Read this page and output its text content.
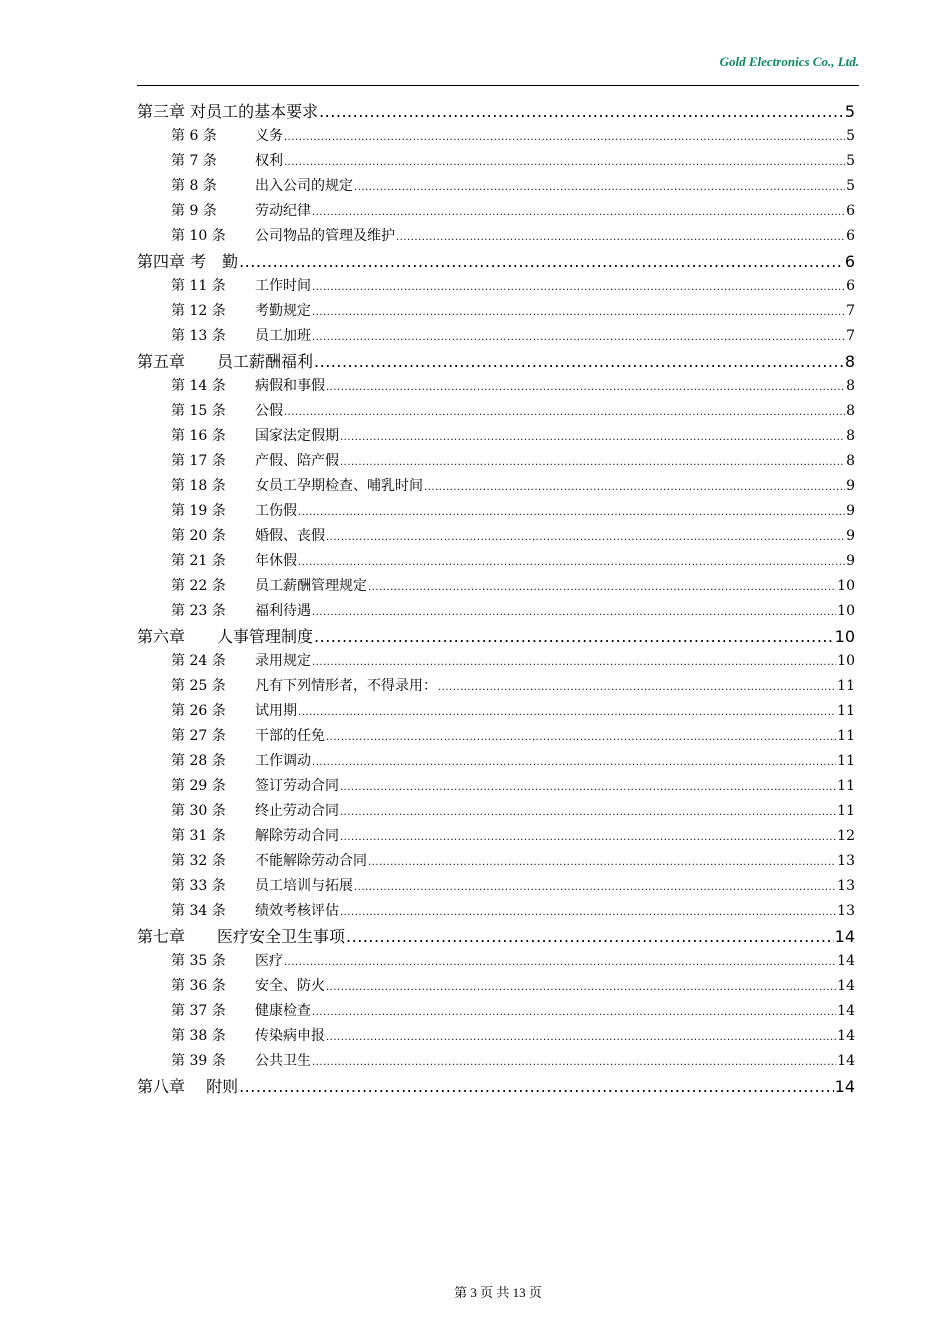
Gold Electronics Co., Ltd.
第三章 对员工的基本要求 .....	5
第 6 条	义务 .....	5
第 7 条	权利 .....	5
第 8 条	出入公司的规定 .....	5
第 9 条	劳动纪律 .....	6
第 10 条	公司物品的管理及维护 .....	6
第四章 考　勤 .....	6
第 11 条	工作时间 .....	6
第 12 条	考勤规定 .....	7
第 13 条	员工加班 .....	7
第五章　　员工薪酬福利 .....	8
第 14 条	病假和事假 .....	8
第 15 条	公假 .....	8
第 16 条	国家法定假期 .....	8
第 17 条	产假、陪产假 .....	8
第 18 条	女员工孕期检查、哺乳时间 .....	9
第 19 条	工伤假 .....	9
第 20 条	婚假、丧假 .....	9
第 21 条	年休假 .....	9
第 22 条	员工薪酬管理规定 .....	10
第 23 条	福利待遇 .....	10
第六章　　人事管理制度 .....	10
第 24 条	录用规定 .....	10
第 25 条	凡有下列情形者，不得录用： .....	11
第 26 条	试用期 .....	11
第 27 条	干部的任免 .....	11
第 28 条	工作调动 .....	11
第 29 条	签订劳动合同 .....	11
第 30 条	终止劳动合同 .....	11
第 31 条	解除劳动合同 .....	12
第 32 条	不能解除劳动合同 .....	13
第 33 条	员工培训与拓展 .....	13
第 34 条	绩效考核评估 .....	13
第七章　　医疗安全卫生事项 .....	14
第 35 条	医疗 .....	14
第 36 条	安全、防火 .....	14
第 37 条	健康检查 .....	14
第 38 条	传染病申报 .....	14
第 39 条	公共卫生 .....	14
第八章　 附则 .....	14
第 3 页 共 13 页
